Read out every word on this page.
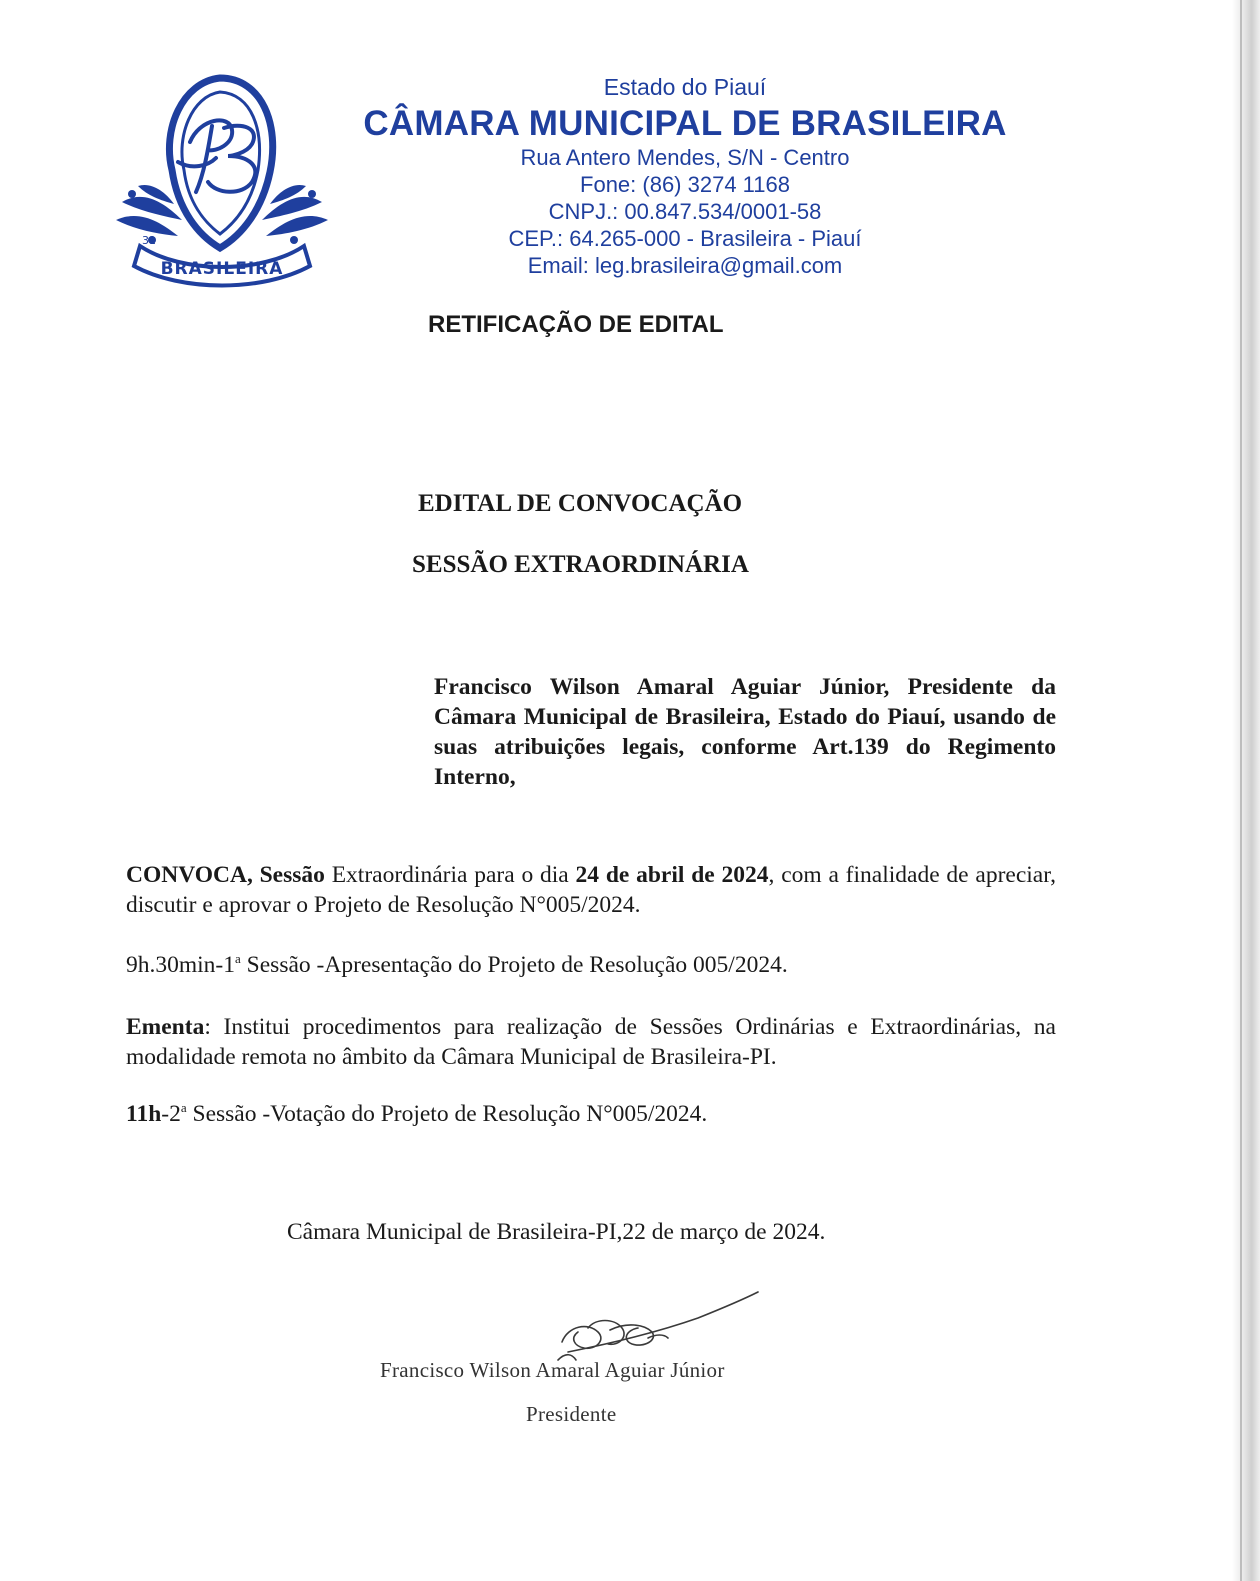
BRASILEIRA
31
Estado do Piauí
CÂMARA MUNICIPAL DE BRASILEIRA
Rua Antero Mendes, S/N - Centro
Fone: (86) 3274 1168
CNPJ.: 00.847.534/0001-58
CEP.: 64.265-000 - Brasileira - Piauí
Email: leg.brasileira@gmail.com
RETIFICAÇÃO DE EDITAL
EDITAL DE CONVOCAÇÃO
SESSÃO EXTRAORDINÁRIA
Francisco Wilson Amaral Aguiar Júnior, Presidente da Câmara Municipal de Brasileira, Estado do Piauí, usando de suas atribuições legais, conforme Art.139 do Regimento Interno,
CONVOCA, Sessão Extraordinária para o dia 24 de abril de 2024, com a finalidade de apreciar, discutir e aprovar o Projeto de Resolução N°005/2024.
9h.30min-1$^a$ Sessão -Apresentação do Projeto de Resolução 005/2024.
Ementa: Institui procedimentos para realização de Sessões Ordinárias e Extraordinárias, na modalidade remota no âmbito da Câmara Municipal de Brasileira-PI.
11h-2$^a$ Sessão -Votação do Projeto de Resolução N°005/2024.
Câmara Municipal de Brasileira-PI,22 de março de 2024.
Francisco Wilson Amaral Aguiar Júnior
Presidente
